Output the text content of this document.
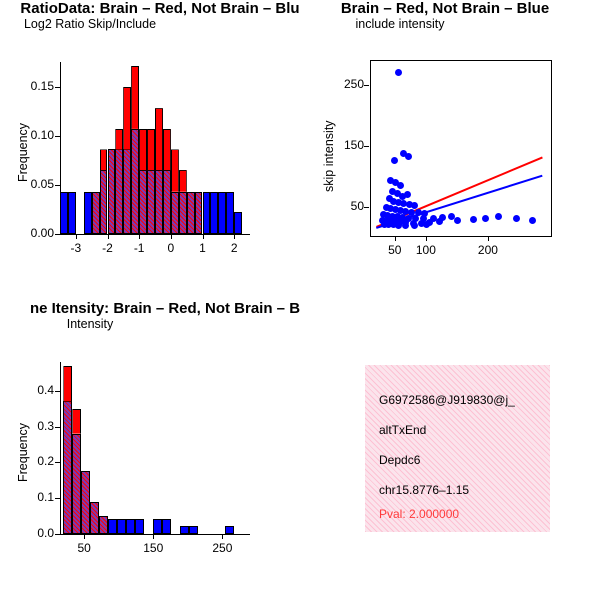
RatioData: Brain – Red, Not Brain – Blu
Frequency
Log2 Ratio Skip/Include
-3	-2	-1	0	1	2
0.00
0.05
0.10
0.15
Brain – Red, Not Brain – Blue
skip intensity
include intensity
50	100	200
50
150
250
ne Itensity: Brain – Red, Not Brain – B
Frequency
Intensity
50	150	250
0.0
0.1
0.2
0.3
0.4
G6972586@J919830@j_
altTxEnd
Depdc6
chr15.8776–1.15
Pval: 2.000000
